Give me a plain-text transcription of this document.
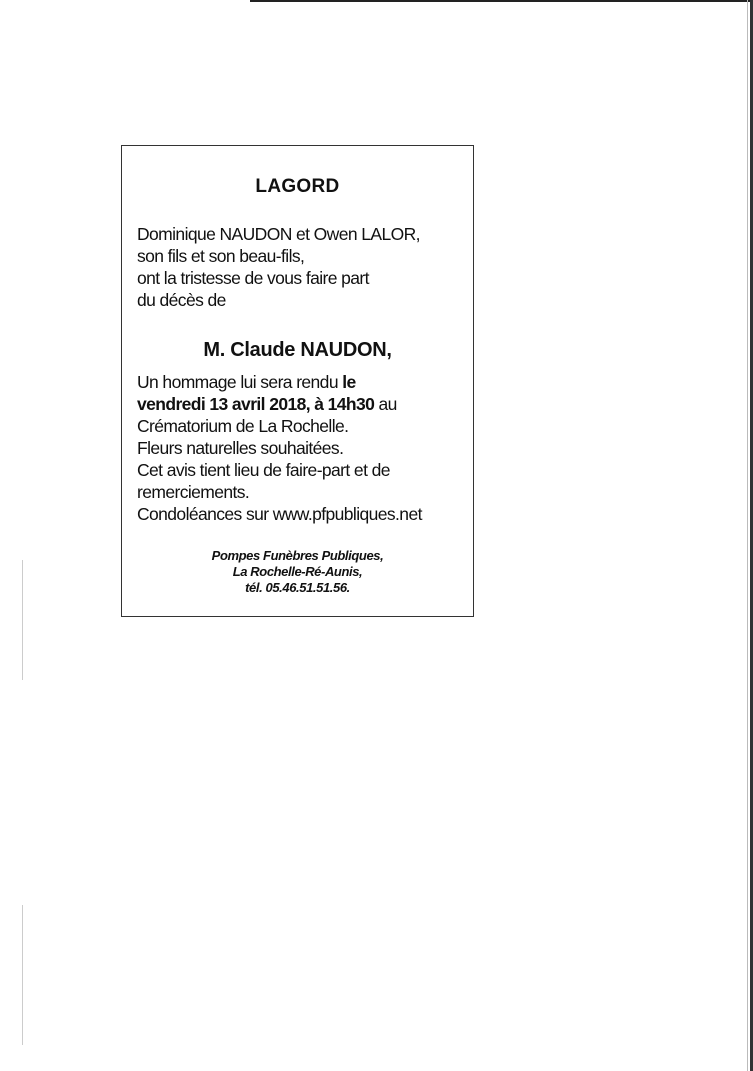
LAGORD
Dominique NAUDON et Owen LALOR,
son fils et son beau-fils,
ont la tristesse de vous faire part
du décès de
M. Claude NAUDON,
Un hommage lui sera rendu le
vendredi 13 avril 2018, à 14h30 au
Crématorium de La Rochelle.
Fleurs naturelles souhaitées.
Cet avis tient lieu de faire-part et de
remerciements.
Condoléances sur www.pfpubliques.net
Pompes Funèbres Publiques,
La Rochelle-Ré-Aunis,
tél. 05.46.51.51.56.
